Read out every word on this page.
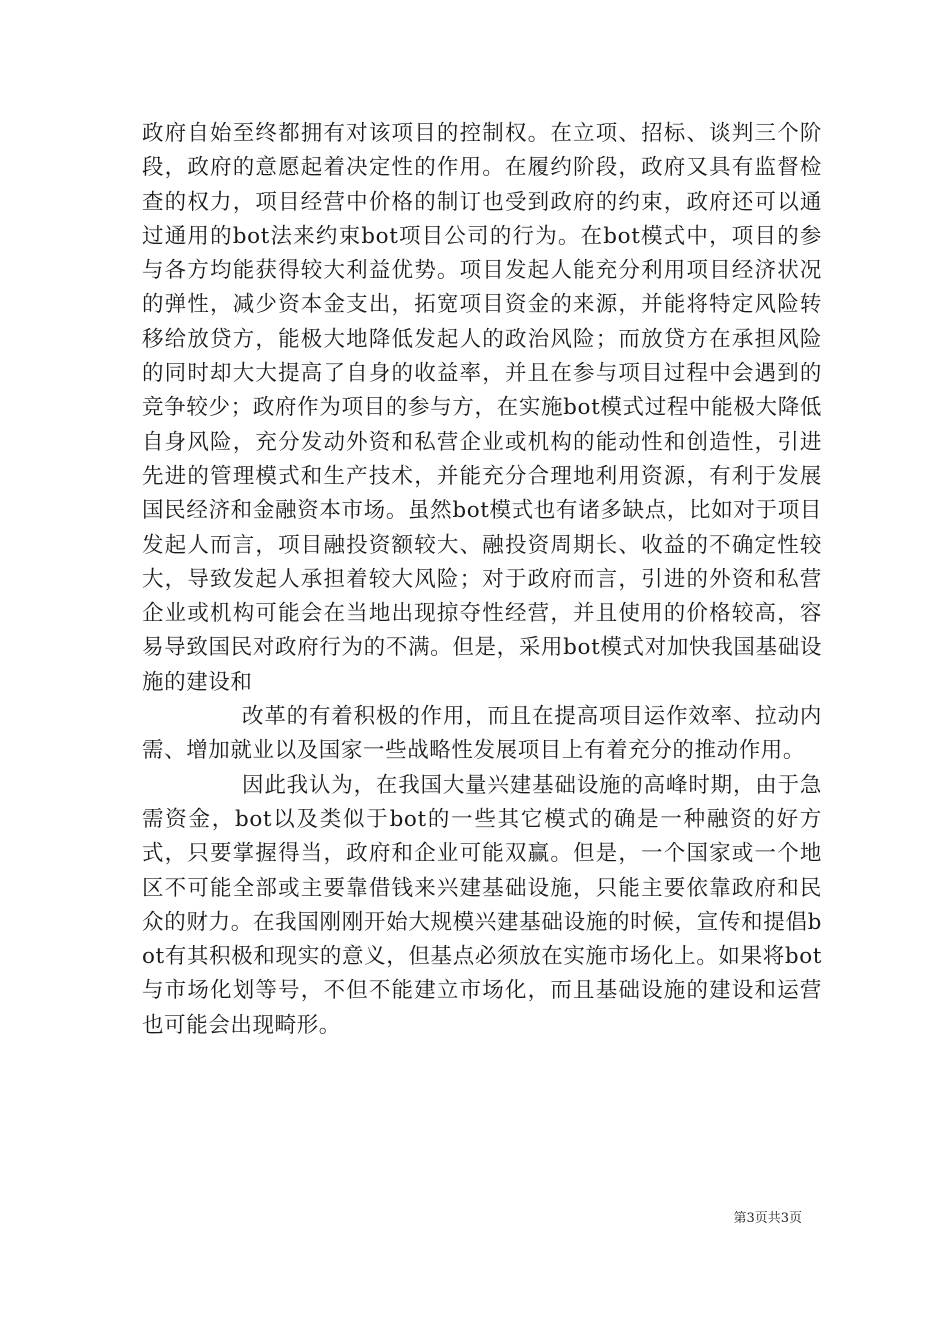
政府自始至终都拥有对该项目的控制权。在立项、招标、谈判三个阶段，政府的意愿起着决定性的作用。在履约阶段，政府又具有监督检查的权力，项目经营中价格的制订也受到政府的约束，政府还可以通过通用的bot法来约束bot项目公司的行为。在bot模式中，项目的参与各方均能获得较大利益优势。项目发起人能充分利用项目经济状况的弹性，减少资本金支出，拓宽项目资金的来源，并能将特定风险转移给放贷方，能极大地降低发起人的政治风险；而放贷方在承担风险的同时却大大提高了自身的收益率，并且在参与项目过程中会遇到的竞争较少；政府作为项目的参与方，在实施bot模式过程中能极大降低自身风险，充分发动外资和私营企业或机构的能动性和创造性，引进先进的管理模式和生产技术，并能充分合理地利用资源，有利于发展国民经济和金融资本市场。虽然bot模式也有诸多缺点，比如对于项目发起人而言，项目融投资额较大、融投资周期长、收益的不确定性较大，导致发起人承担着较大风险；对于政府而言，引进的外资和私营企业或机构可能会在当地出现掠夺性经营，并且使用的价格较高，容易导致国民对政府行为的不满。但是，采用bot模式对加快我国基础设施的建设和

改革的有着积极的作用，而且在提高项目运作效率、拉动内需、增加就业以及国家一些战略性发展项目上有着充分的推动作用。

因此我认为，在我国大量兴建基础设施的高峰时期，由于急需资金，bot以及类似于bot的一些其它模式的确是一种融资的好方式，只要掌握得当，政府和企业可能双赢。但是，一个国家或一个地区不可能全部或主要靠借钱来兴建基础设施，只能主要依靠政府和民众的财力。在我国刚刚开始大规模兴建基础设施的时候，宣传和提倡bot有其积极和现实的意义，但基点必须放在实施市场化上。如果将bot与市场化划等号，不但不能建立市场化，而且基础设施的建设和运营也可能会出现畸形。

第3页共3页
